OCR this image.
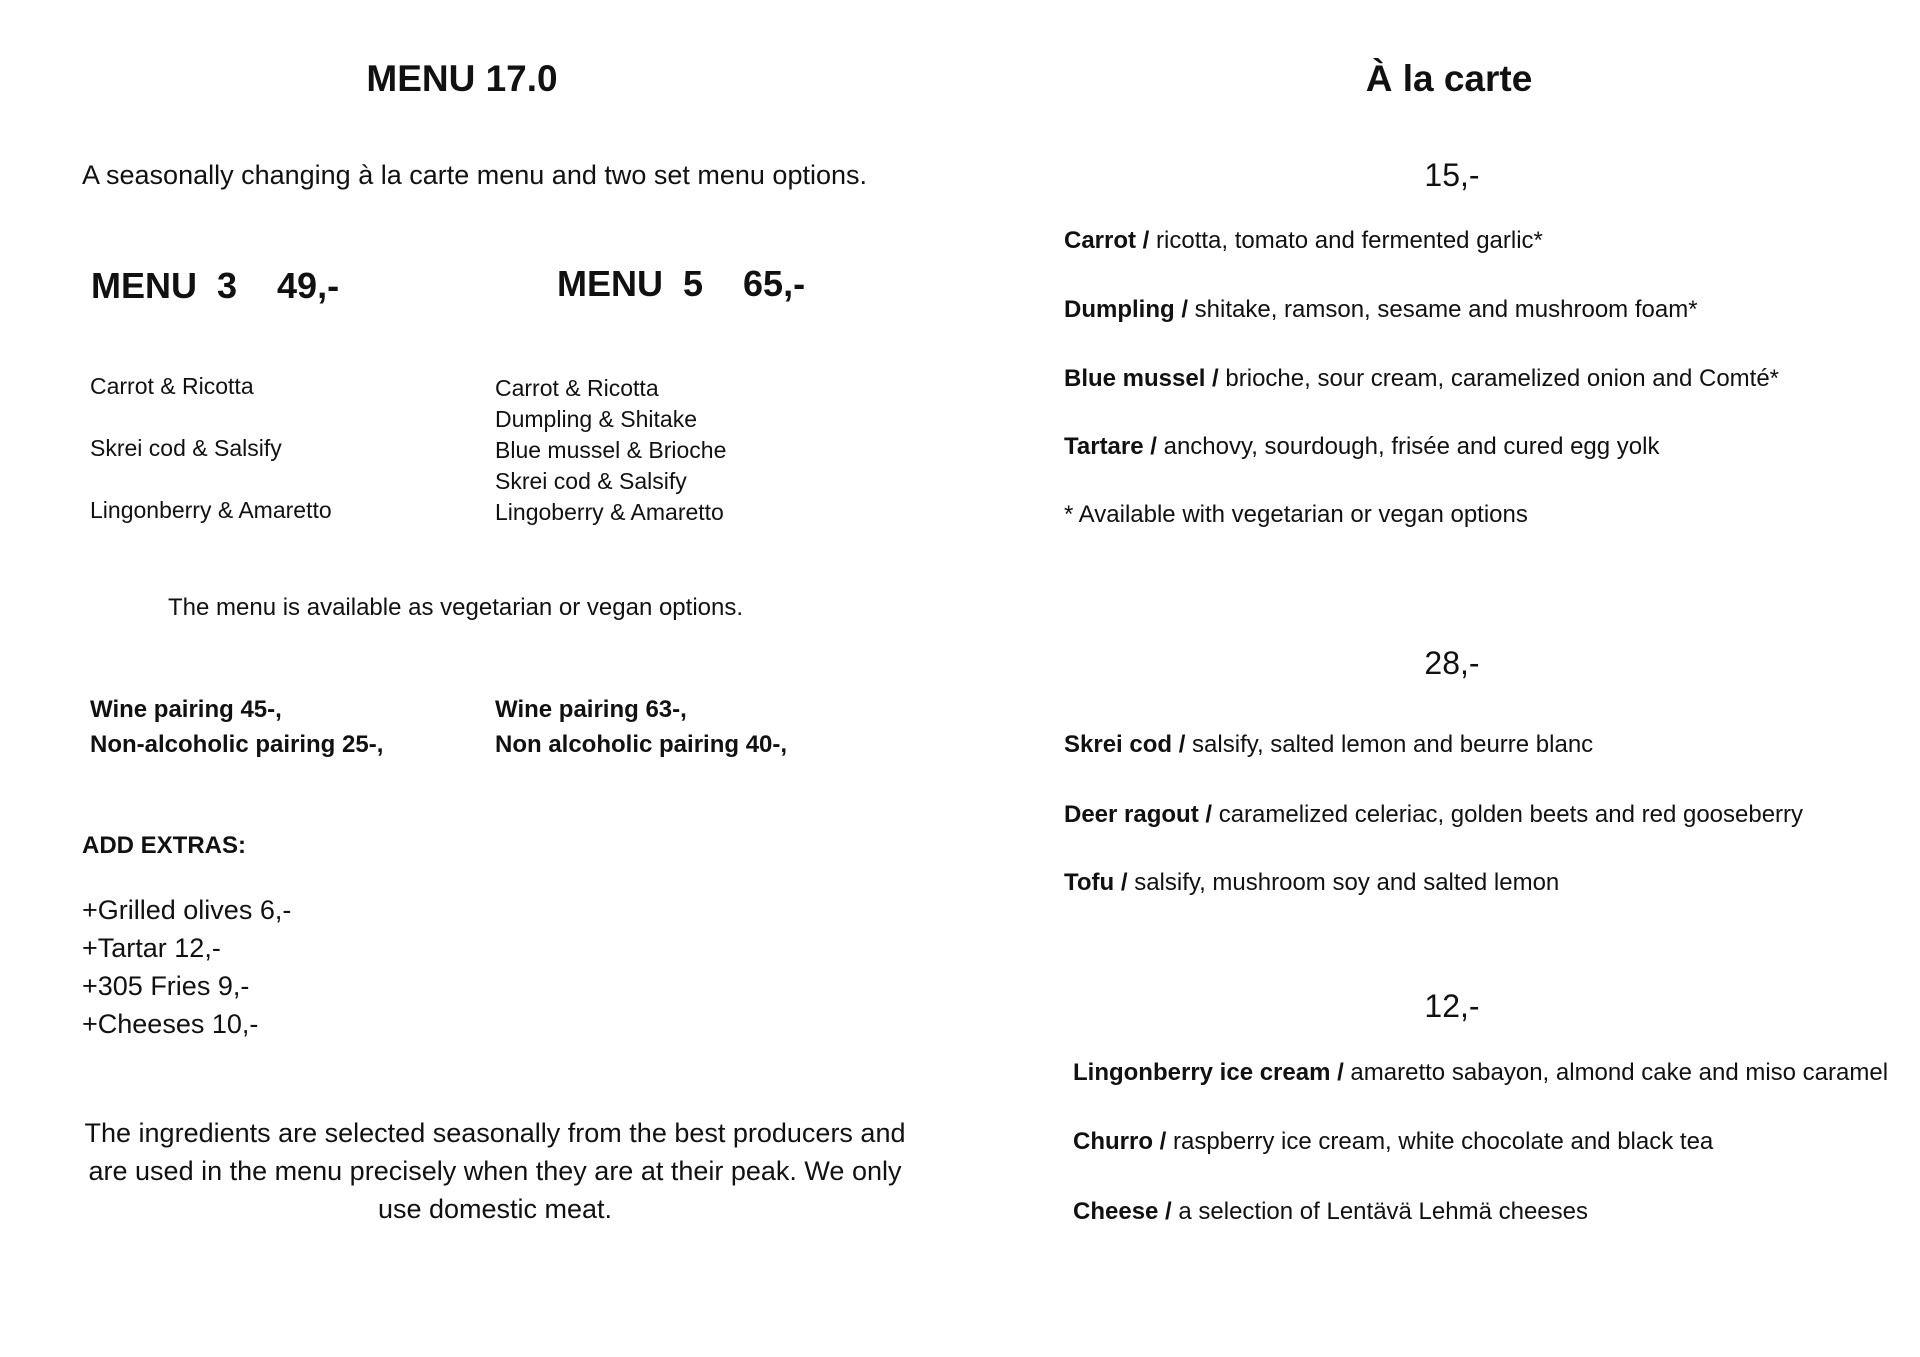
MENU 17.0
A seasonally changing à la carte menu and two set menu options.
MENU  3    49,-	MENU  5    65,-
Carrot & Ricotta
Skrei cod & Salsify
Lingonberry & Amaretto
Carrot & Ricotta
Dumpling & Shitake
Blue mussel & Brioche
Skrei cod & Salsify
Lingoberry & Amaretto
The menu is available as vegetarian or vegan options.
Wine pairing 45-,
Non-alcoholic pairing 25-,
Wine pairing 63-,
Non alcoholic pairing 40-,
ADD EXTRAS:
+Grilled olives 6,-
+Tartar 12,-
+305 Fries 9,-
+Cheeses 10,-
The ingredients are selected seasonally from the best producers and are used in the menu precisely when they are at their peak. We only use domestic meat.
À la carte
15,-
Carrot / ricotta, tomato and fermented garlic*
Dumpling / shitake, ramson, sesame and mushroom foam*
Blue mussel / brioche, sour cream, caramelized onion and Comté*
Tartare / anchovy, sourdough, frisée and cured egg yolk
* Available with vegetarian or vegan options
28,-
Skrei cod / salsify, salted lemon and beurre blanc
Deer ragout / caramelized celeriac, golden beets and red gooseberry
Tofu / salsify, mushroom soy and salted lemon
12,-
Lingonberry ice cream / amaretto sabayon, almond cake and miso caramel
Churro / raspberry ice cream, white chocolate and black tea
Cheese / a selection of Lentävä Lehmä cheeses
